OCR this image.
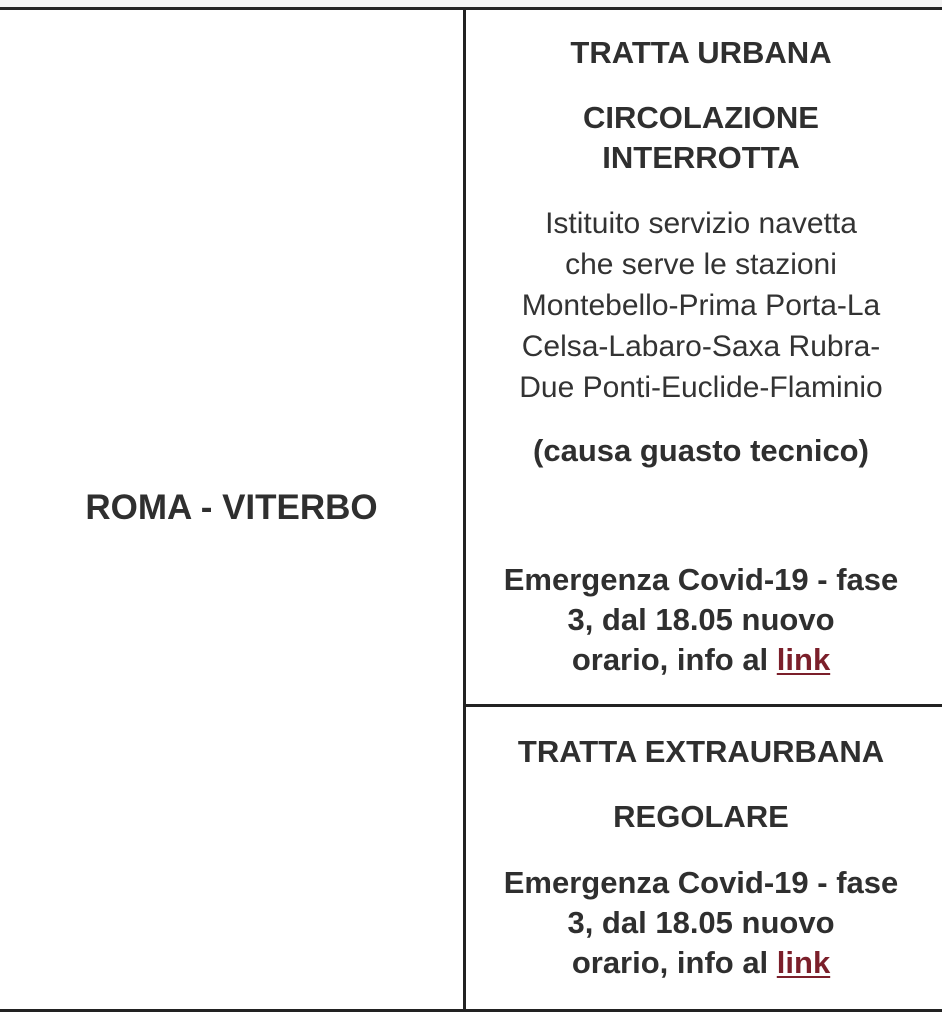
ROMA - VITERBO
TRATTA URBANA
CIRCOLAZIONE
INTERROTTA
Istituito servizio navetta
che serve le stazioni
Montebello-Prima Porta-La
Celsa-Labaro-Saxa Rubra-
Due Ponti-Euclide-Flaminio
(causa guasto tecnico)
Emergenza Covid-19 - fase
3, dal 18.05 nuovo
orario, info al link
TRATTA EXTRAURBANA
REGOLARE
Emergenza Covid-19 - fase
3, dal 18.05 nuovo
orario, info al link
